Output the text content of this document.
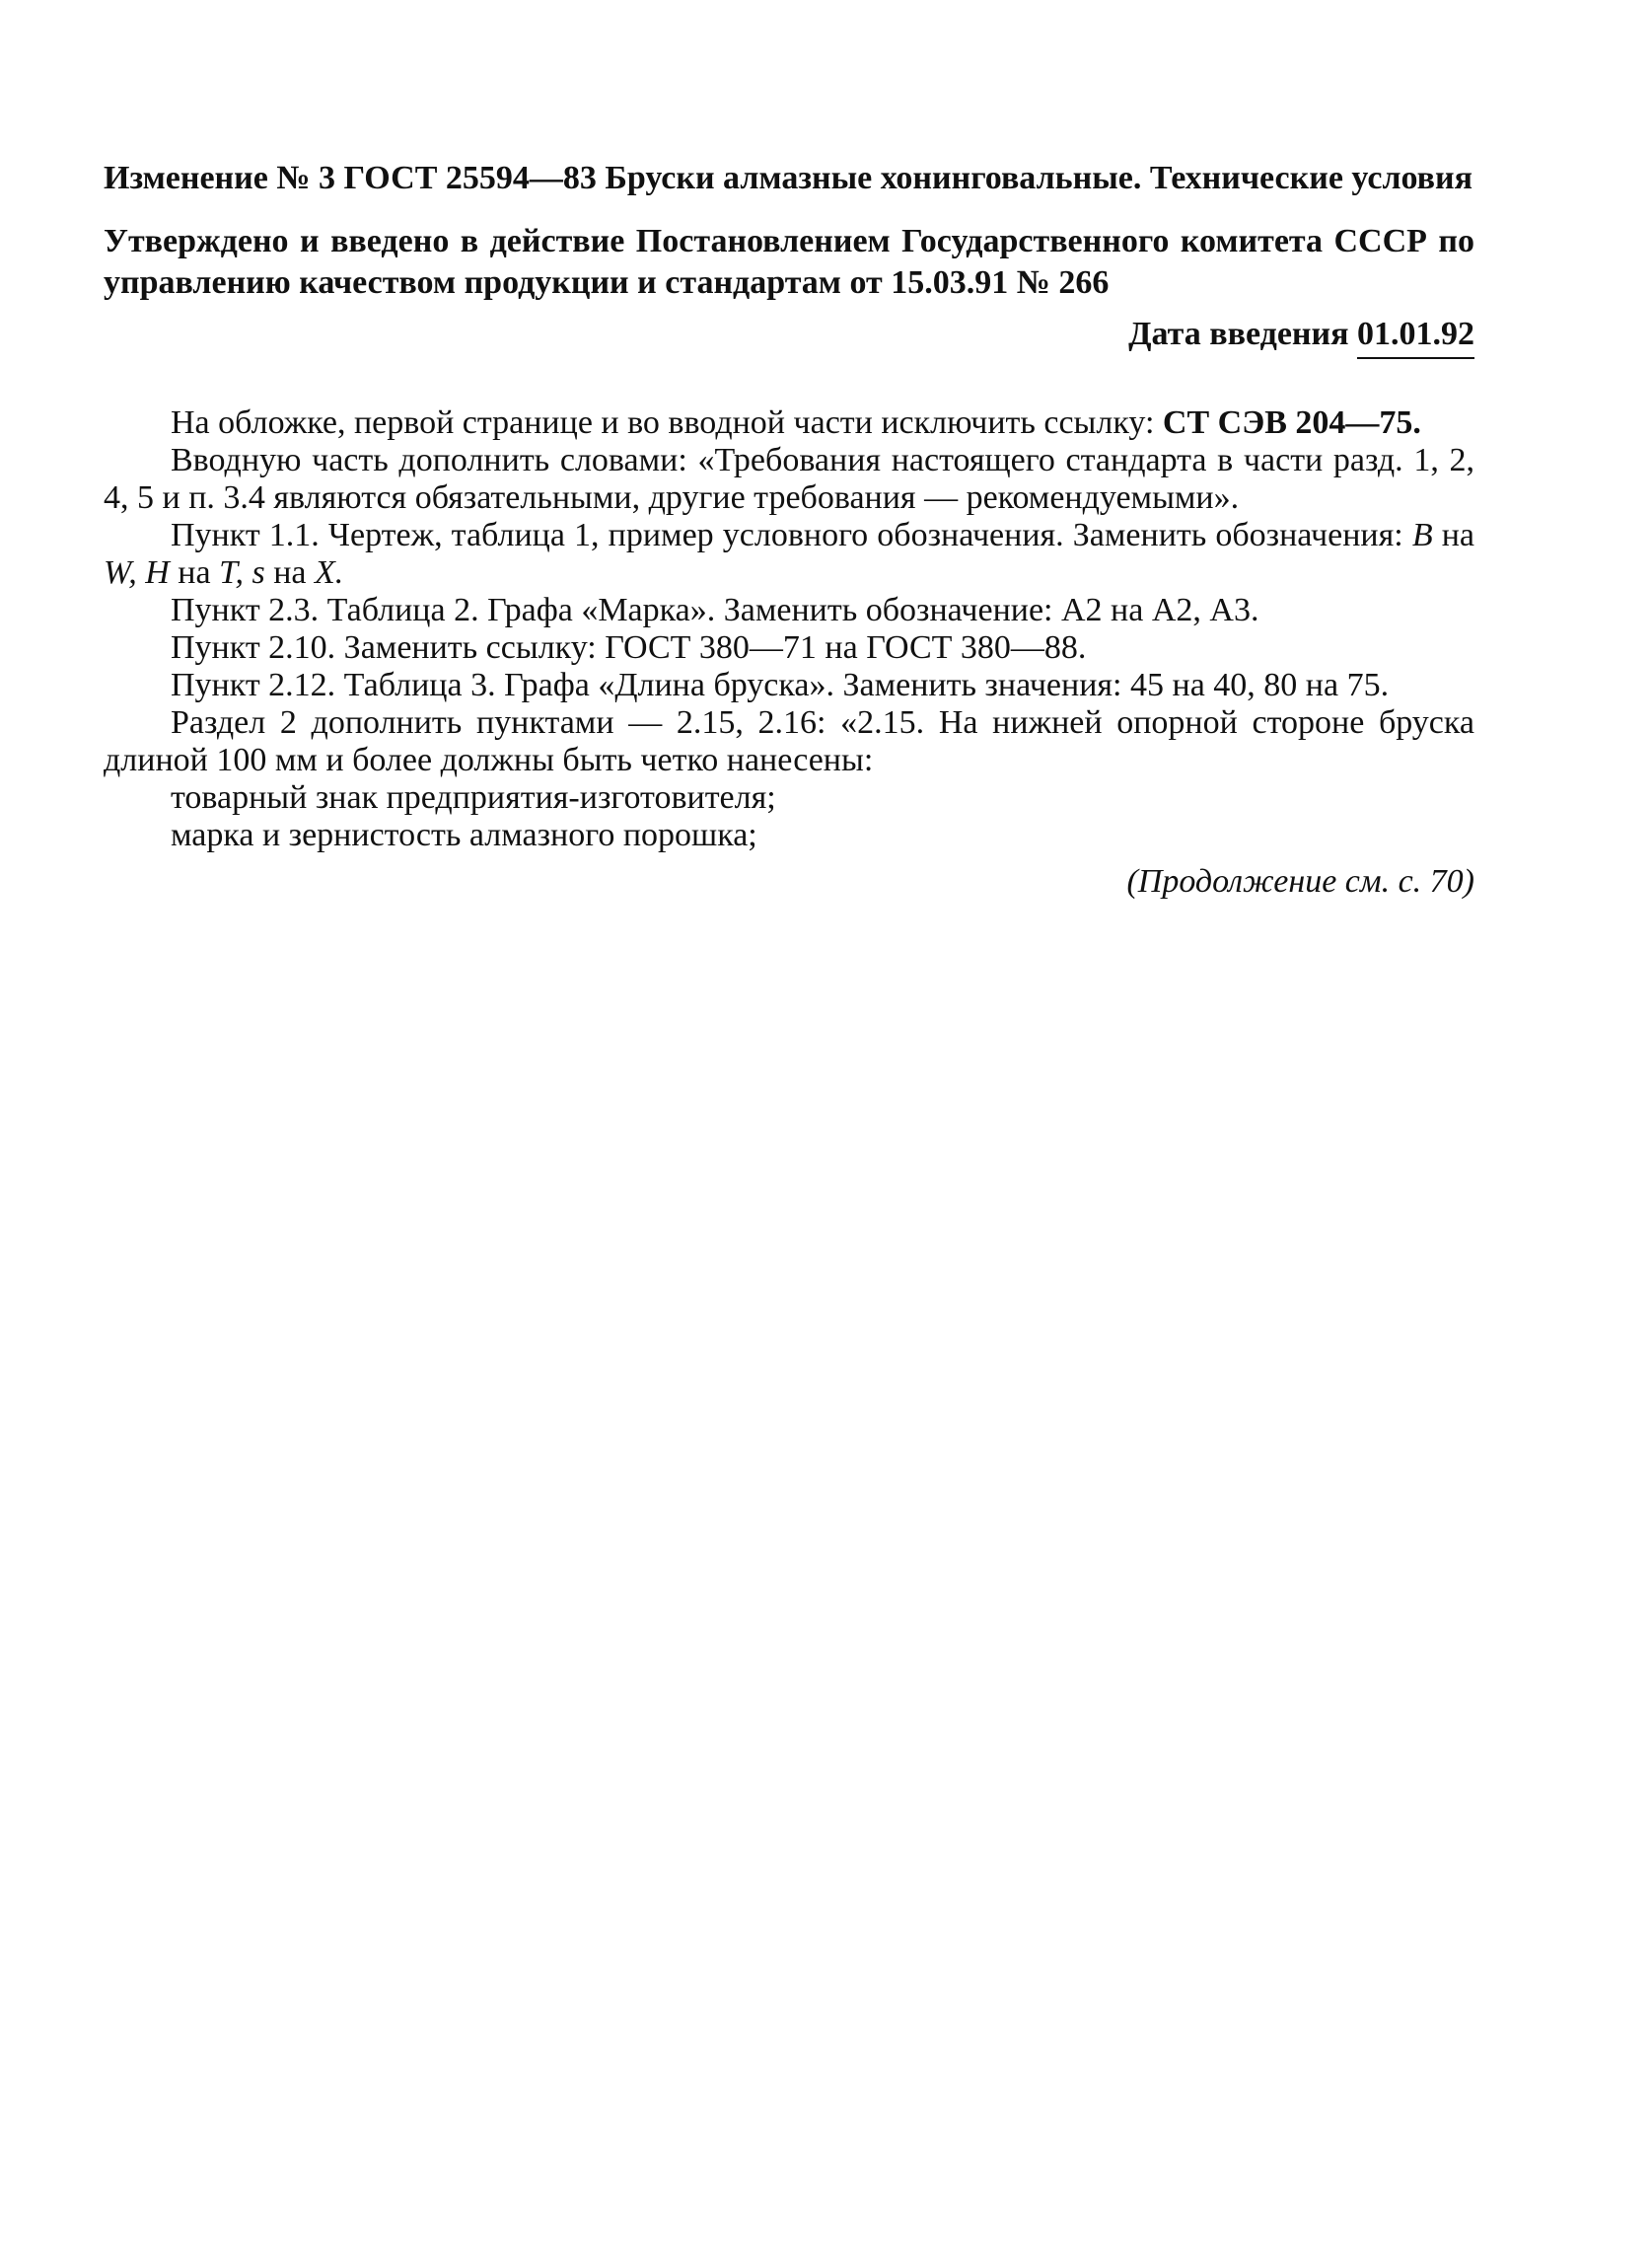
Изменение № 3 ГОСТ 25594—83 Бруски алмазные хонинговальные. Технические условия

Утверждено и введено в действие Постановлением Государственного комитета СССР по управлению качеством продукции и стандартам от 15.03.91 № 266

Дата введения 01.01.92

На обложке, первой странице и во вводной части исключить ссылку: СТ СЭВ 204—75.

Вводную часть дополнить словами: «Требования настоящего стандарта в части разд. 1, 2, 4, 5 и п. 3.4 являются обязательными, другие требования — рекомендуемыми».

Пункт 1.1. Чертеж, таблица 1, пример условного обозначения. Заменить обозначения: B на W, H на T, s на X.

Пункт 2.3. Таблица 2. Графа «Марка». Заменить обозначение: А2 на А2, А3.

Пункт 2.10. Заменить ссылку: ГОСТ 380—71 на ГОСТ 380—88.

Пункт 2.12. Таблица 3. Графа «Длина бруска». Заменить значения: 45 на 40, 80 на 75.

Раздел 2 дополнить пунктами — 2.15, 2.16: «2.15. На нижней опорной стороне бруска длиной 100 мм и более должны быть четко нанесены:

товарный знак предприятия-изготовителя;

марка и зернистость алмазного порошка;

(Продолжение см. с. 70)
